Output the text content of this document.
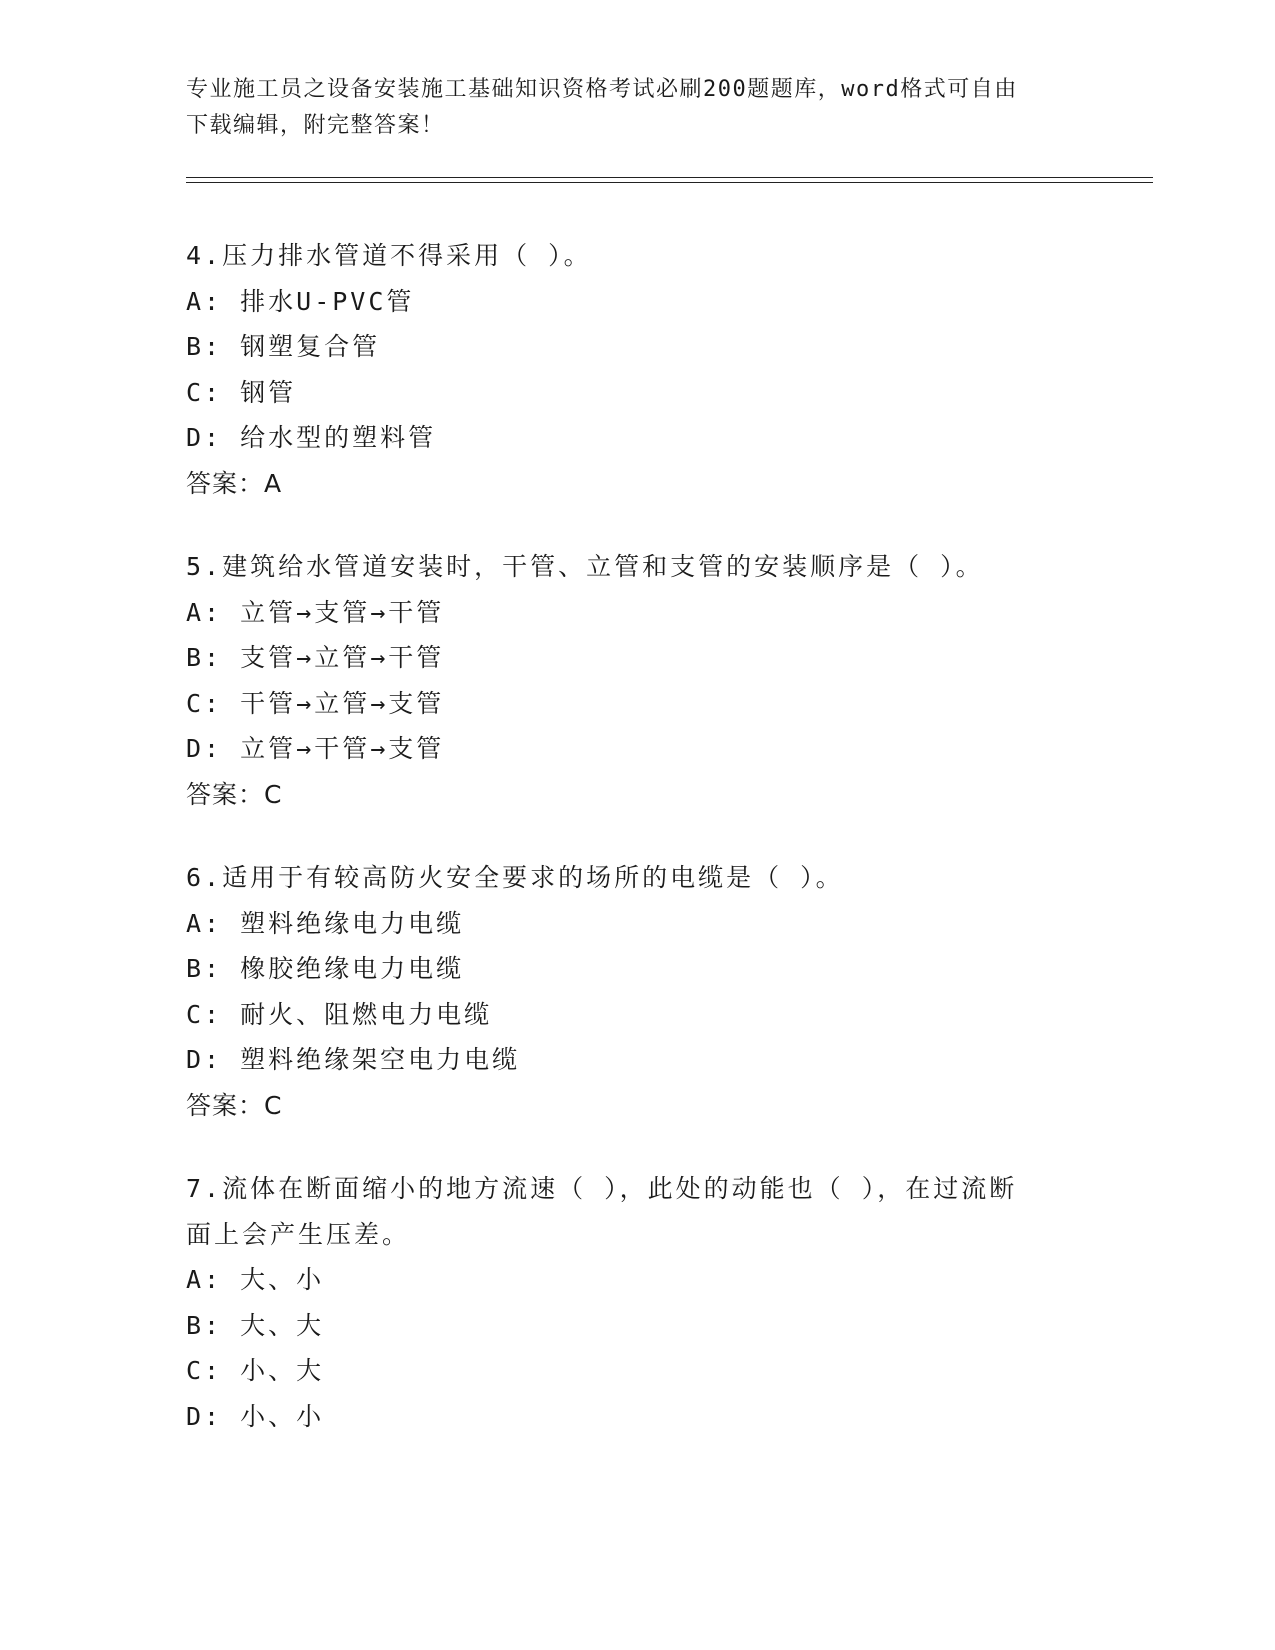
专业施工员之设备安装施工基础知识资格考试必刷200题题库，word格式可自由
下载编辑，附完整答案！
4.压力排水管道不得采用（ ）。
A: 排水U-PVC管
B: 钢塑复合管
C: 钢管
D: 给水型的塑料管
答案：A
5.建筑给水管道安装时，干管、立管和支管的安装顺序是（ ）。
A: 立管→支管→干管
B: 支管→立管→干管
C: 干管→立管→支管
D: 立管→干管→支管
答案：C
6.适用于有较高防火安全要求的场所的电缆是（ ）。
A: 塑料绝缘电力电缆
B: 橡胶绝缘电力电缆
C: 耐火、阻燃电力电缆
D: 塑料绝缘架空电力电缆
答案：C
7.流体在断面缩小的地方流速（ ），此处的动能也（ ），在过流断
面上会产生压差。
A: 大、小
B: 大、大
C: 小、大
D: 小、小
